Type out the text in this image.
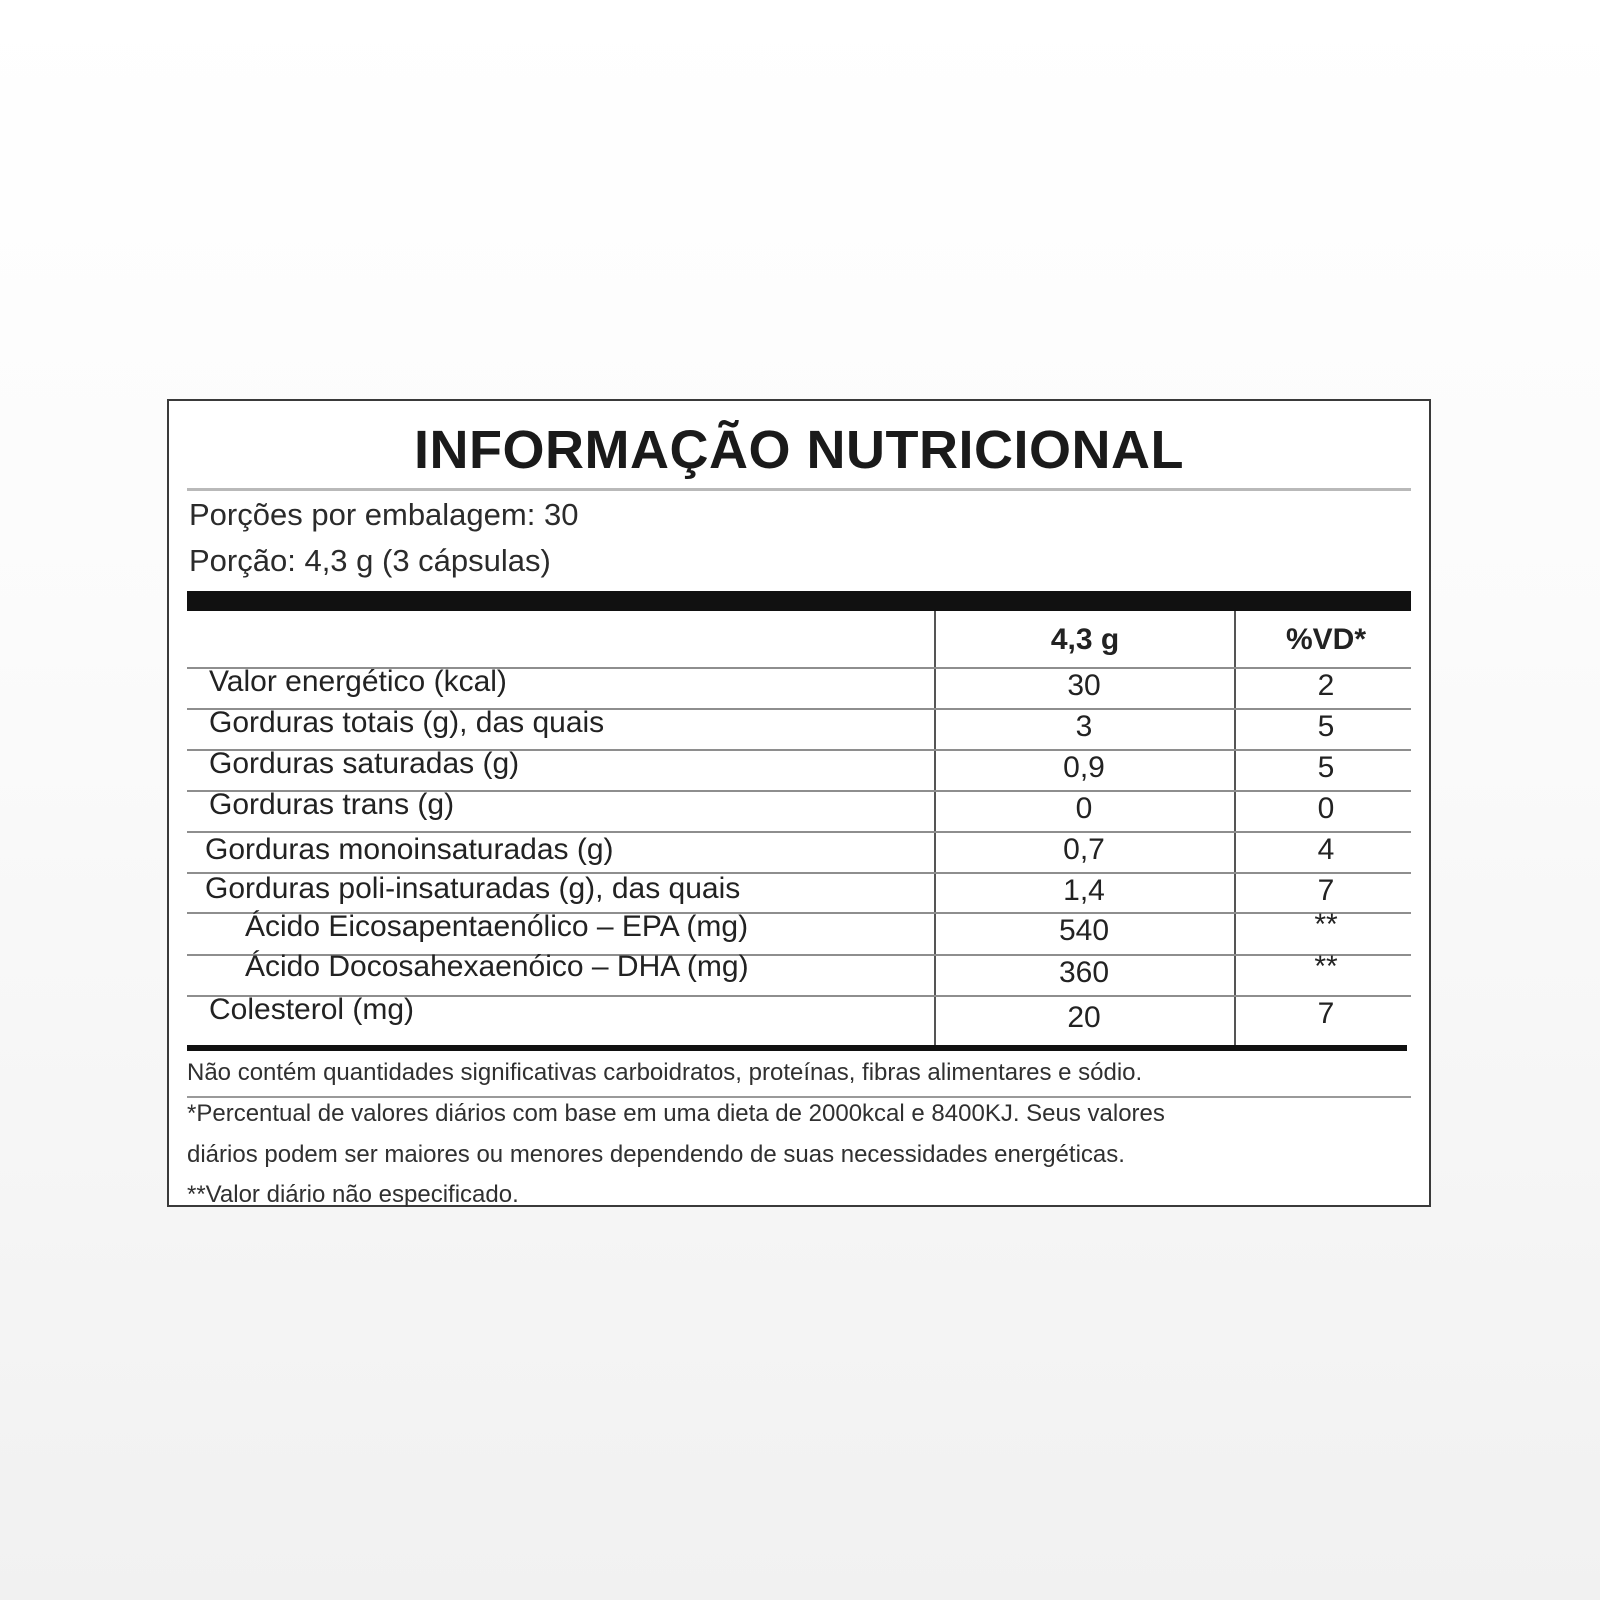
INFORMAÇÃO NUTRICIONAL
Porções por embalagem: 30
Porção: 4,3 g (3 cápsulas)
4,3 g	%VD*
Valor energético (kcal)	30	2
Gorduras totais (g), das quais	3	5
Gorduras saturadas (g)	0,9	5
Gorduras trans (g)	0	0
Gorduras monoinsaturadas (g)	0,7	4
Gorduras poli-insaturadas (g), das quais	1,4	7
Ácido Eicosapentaenólico – EPA (mg)	540	**
Ácido Docosahexaenóico – DHA (mg)	360	**
Colesterol (mg)	20	7
Não contém quantidades significativas carboidratos, proteínas, fibras alimentares e sódio.
*Percentual de valores diários com base em uma dieta de 2000kcal e 8400KJ. Seus valores
diários podem ser maiores ou menores dependendo de suas necessidades energéticas.
**Valor diário não especificado.
